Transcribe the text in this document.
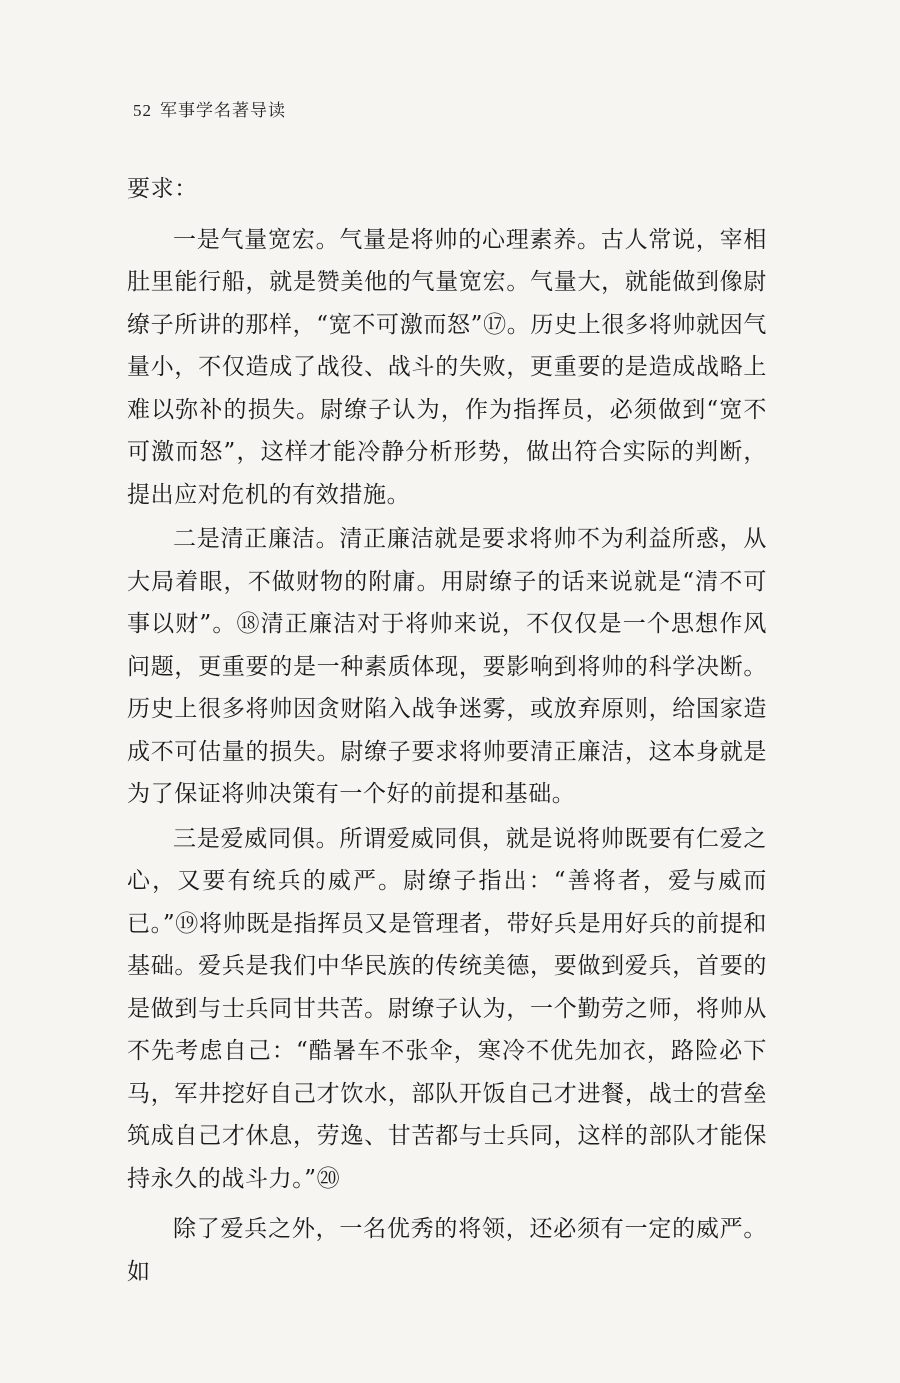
52 军事学名著导读

要求：

一是气量宽宏。气量是将帅的心理素养。古人常说，宰相肚里能行船，就是赞美他的气量宽宏。气量大，就能做到像尉缭子所讲的那样，“宽不可激而怒”⑰。历史上很多将帅就因气量小，不仅造成了战役、战斗的失败，更重要的是造成战略上难以弥补的损失。尉缭子认为，作为指挥员，必须做到“宽不可激而怒”，这样才能冷静分析形势，做出符合实际的判断，提出应对危机的有效措施。

二是清正廉洁。清正廉洁就是要求将帅不为利益所惑，从大局着眼，不做财物的附庸。用尉缭子的话来说就是“清不可事以财”。⑱清正廉洁对于将帅来说，不仅仅是一个思想作风问题，更重要的是一种素质体现，要影响到将帅的科学决断。历史上很多将帅因贪财陷入战争迷雾，或放弃原则，给国家造成不可估量的损失。尉缭子要求将帅要清正廉洁，这本身就是为了保证将帅决策有一个好的前提和基础。

三是爱威同俱。所谓爱威同俱，就是说将帅既要有仁爱之心，又要有统兵的威严。尉缭子指出：“善将者，爱与威而已。”⑲将帅既是指挥员又是管理者，带好兵是用好兵的前提和基础。爱兵是我们中华民族的传统美德，要做到爱兵，首要的是做到与士兵同甘共苦。尉缭子认为，一个勤劳之师，将帅从不先考虑自己：“酷暑车不张伞，寒冷不优先加衣，路险必下马，军井挖好自己才饮水，部队开饭自己才进餐，战士的营垒筑成自己才休息，劳逸、甘苦都与士兵同，这样的部队才能保持永久的战斗力。”⑳

除了爱兵之外，一名优秀的将领，还必须有一定的威严。如
